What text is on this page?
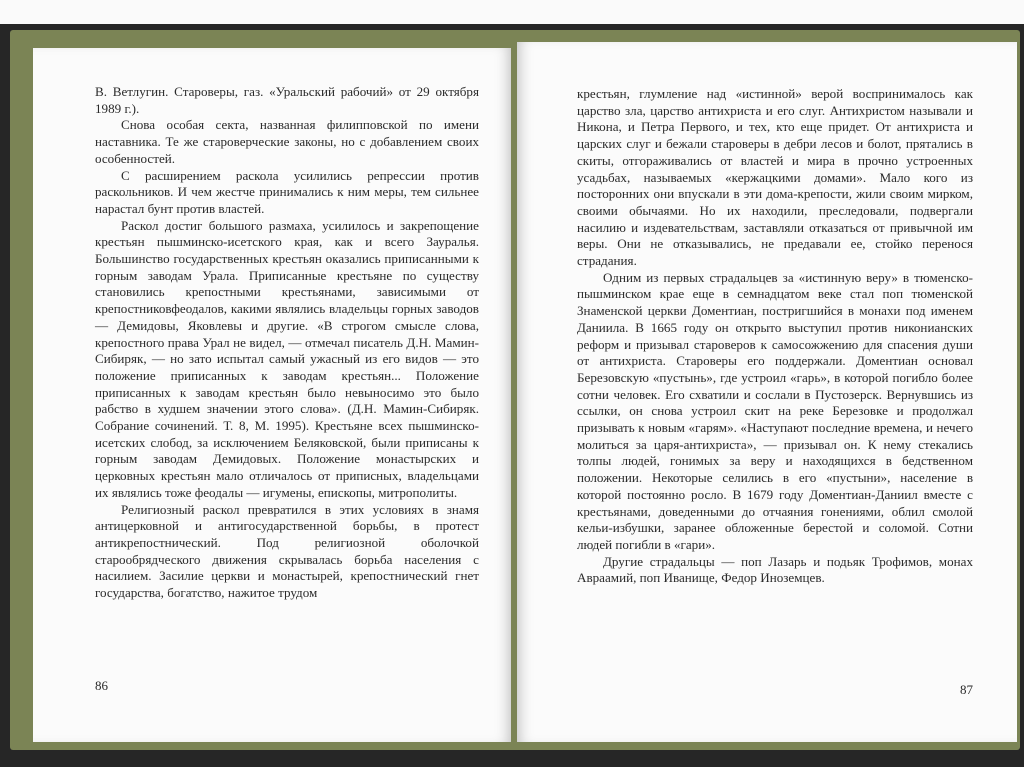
В. Ветлугин. Староверы, газ. «Уральский рабочий» от 29 октября 1989 г.).

Снова особая секта, названная филипповской по имени наставника. Те же староверческие законы, но с добавлением своих особенностей.

С расширением раскола усилились репрессии против раскольников. И чем жестче принимались к ним меры, тем сильнее нарастал бунт против властей.

Раскол достиг большого размаха, усилилось и закрепощение крестьян пышминско-исетского края, как и всего Зауралья. Большинство государственных крестьян оказались приписанными к горным заводам Урала. Приписанные крестьяне по существу становились крепостными крестьянами, зависимыми от крепостниковфеодалов, какими являлись владельцы горных заводов — Демидовы, Яковлевы и другие. «В строгом смысле слова, крепостного права Урал не видел, — отмечал писатель Д.Н. Мамин-Сибиряк, — но зато испытал самый ужасный из его видов — это положение приписанных к заводам крестьян... Положение приписанных к заводам крестьян было невыносимо это было рабство в худшем значении этого слова». (Д.Н. Мамин-Сибиряк. Собрание сочинений. Т. 8, М. 1995). Крестьяне всех пышминско-исетских слобод, за исключением Беляковской, были приписаны к горным заводам Демидовых. Положение монастырских и церковных крестьян мало отличалось от приписных, владельцами их являлись тоже феодалы — игумены, епископы, митрополиты.

Религиозный раскол превратился в этих условиях в знамя антицерковной и антигосударственной борьбы, в протест антикрепостнический. Под религиозной оболочкой старообрядческого движения скрывалась борьба населения с насилием. Засилие церкви и монастырей, крепостнический гнет государства, богатство, нажитое трудом

86

крестьян, глумление над «истинной» верой воспринималось как царство зла, царство антихриста и его слуг. Антихристом называли и Никона, и Петра Первого, и тех, кто еще придет. От антихриста и царских слуг и бежали староверы в дебри лесов и болот, прятались в скиты, отгораживались от властей и мира в прочно устроенных усадьбах, называемых «кержацкими домами». Мало кого из посторонних они впускали в эти дома-крепости, жили своим мирком, своими обычаями. Но их находили, преследовали, подвергали насилию и издевательствам, заставляли отказаться от привычной им веры. Они не отказывались, не предавали ее, стойко перенося страдания.

Одним из первых страдальцев за «истинную веру» в тюменско-пышминском крае еще в семнадцатом веке стал поп тюменской Знаменской церкви Доментиан, постригшийся в монахи под именем Даниила. В 1665 году он открыто выступил против никонианских реформ и призывал староверов к самосожжению для спасения души от антихриста. Староверы его поддержали. Доментиан основал Березовскую «пустынь», где устроил «гарь», в которой погибло более сотни человек. Его схватили и сослали в Пустозерск. Вернувшись из ссылки, он снова устроил скит на реке Березовке и продолжал призывать к новым «гарям». «Наступают последние времена, и нечего молиться за царя-антихриста», — призывал он. К нему стекались толпы людей, гонимых за веру и находящихся в бедственном положении. Некоторые селились в его «пустыни», население в которой постоянно росло. В 1679 году Доментиан-Даниил вместе с крестьянами, доведенными до отчаяния гонениями, облил смолой кельи-избушки, заранее обложенные берестой и соломой. Сотни людей погибли в «гари».

Другие страдальцы — поп Лазарь и подьяк Трофимов, монах Авраамий, поп Иванище, Федор Иноземцев.

87
